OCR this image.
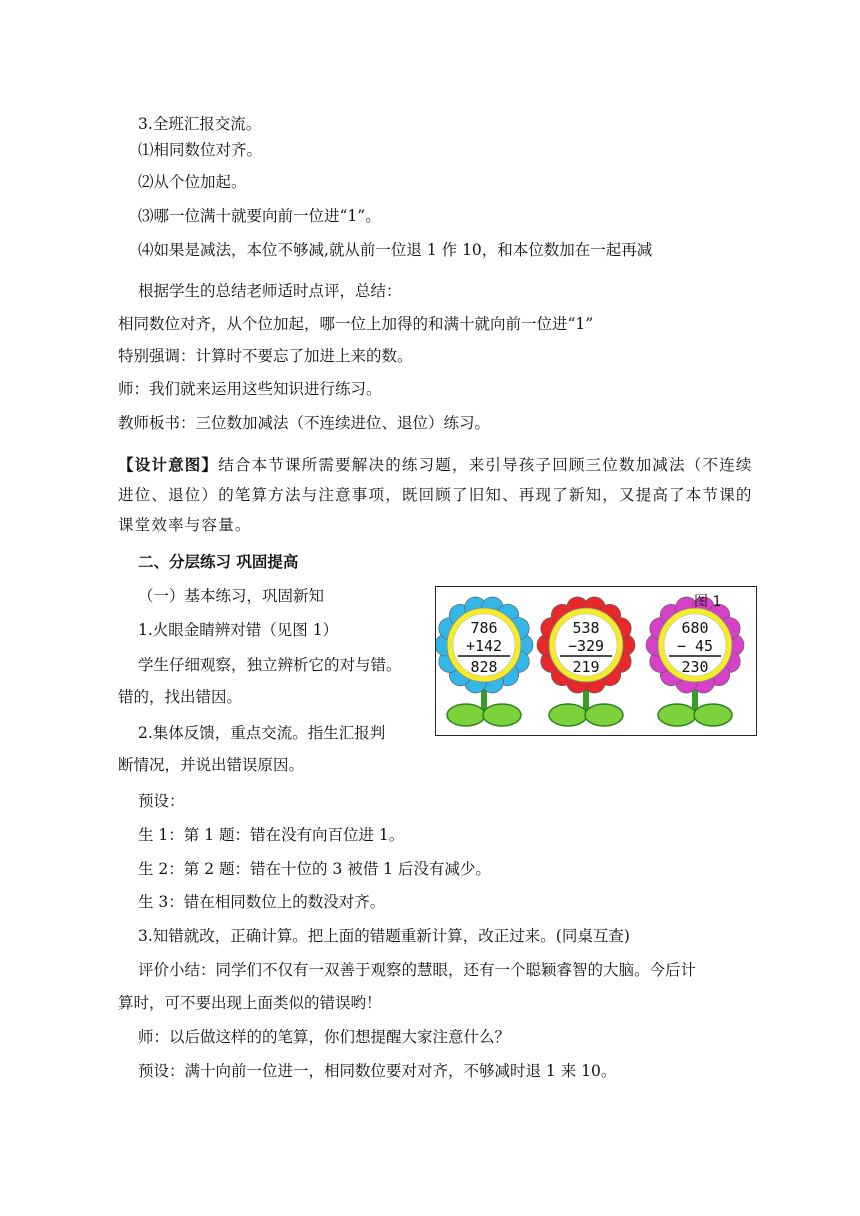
3.全班汇报交流。
⑴相同数位对齐。
⑵从个位加起。
⑶哪一位满十就要向前一位进“1”。
⑷如果是减法，本位不够减,就从前一位退 1 作 10，和本位数加在一起再减
根据学生的总结老师适时点评，总结：
相同数位对齐，从个位加起，哪一位上加得的和满十就向前一位进“1”
特别强调：计算时不要忘了加进上来的数。
师：我们就来运用这些知识进行练习。
教师板书：三位数加减法（不连续进位、退位）练习。
【设计意图】结合本节课所需要解决的练习题，来引导孩子回顾三位数加减法（不连续进位、退位）的笔算方法与注意事项，既回顾了旧知、再现了新知，又提高了本节课的课堂效率与容量。
二、分层练习 巩固提高
（一）基本练习，巩固新知
1.火眼金睛辨对错（见图 1）
学生仔细观察，独立辨析它的对与错。
错的，找出错因。
2.集体反馈，重点交流。指生汇报判
断情况，并说出错误原因。
预设：
生 1：第 1 题：错在没有向百位进 1。
生 2：第 2 题：错在十位的 3 被借 1 后没有减少。
生 3：错在相同数位上的数没对齐。
3.知错就改，正确计算。把上面的错题重新计算，改正过来。(同桌互查)
评价小结：同学们不仅有一双善于观察的慧眼，还有一个聪颖睿智的大脑。今后计
算时，可不要出现上面类似的错误哟！
师：以后做这样的的笔算，你们想提醒大家注意什么？
预设：满十向前一位进一，相同数位要对对齐，不够减时退 1 来 10。
图 1
786
+142
828
538
−329
219
680
− 45
230
